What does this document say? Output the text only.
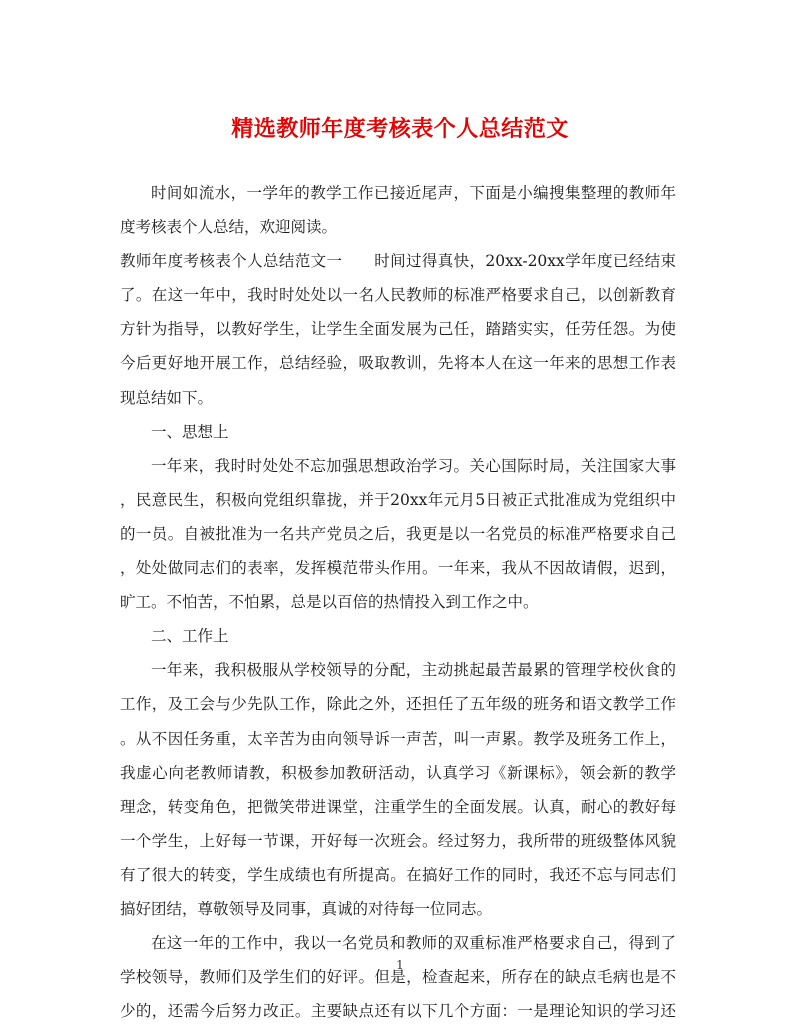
精选教师年度考核表个人总结范文
时间如流水，一学年的教学工作已接近尾声，下面是小编搜集整理的教师年
度考核表个人总结，欢迎阅读。
教师年度考核表个人总结范文一　　时间过得真快，20xx-20xx学年度已经结束
了。在这一年中，我时时处处以一名人民教师的标准严格要求自己，以创新教育
方针为指导，以教好学生，让学生全面发展为己任，踏踏实实，任劳任怨。为使
今后更好地开展工作，总结经验，吸取教训，先将本人在这一年来的思想工作表
现总结如下。
一、思想上
一年来，我时时处处不忘加强思想政治学习。关心国际时局，关注国家大事
，民意民生，积极向党组织靠拢，并于20xx年元月5日被正式批准成为党组织中
的一员。自被批准为一名共产党员之后，我更是以一名党员的标准严格要求自己
，处处做同志们的表率，发挥模范带头作用。一年来，我从不因故请假，迟到，
旷工。不怕苦，不怕累，总是以百倍的热情投入到工作之中。
二、工作上
一年来，我积极服从学校领导的分配，主动挑起最苦最累的管理学校伙食的
工作，及工会与少先队工作，除此之外，还担任了五年级的班务和语文教学工作
。从不因任务重，太辛苦为由向领导诉一声苦，叫一声累。教学及班务工作上，
我虚心向老教师请教，积极参加教研活动，认真学习《新课标》，领会新的教学
理念，转变角色，把微笑带进课堂，注重学生的全面发展。认真，耐心的教好每
一个学生，上好每一节课，开好每一次班会。经过努力，我所带的班级整体风貌
有了很大的转变，学生成绩也有所提高。在搞好工作的同时，我还不忘与同志们
搞好团结，尊敬领导及同事，真诚的对待每一位同志。
在这一年的工作中，我以一名党员和教师的双重标准严格要求自己，得到了
学校领导，教师们及学生们的好评。但是，检查起来，所存在的缺点毛病也是不
少的，还需今后努力改正。主要缺点还有以下几个方面：一是理论知识的学习还
1
